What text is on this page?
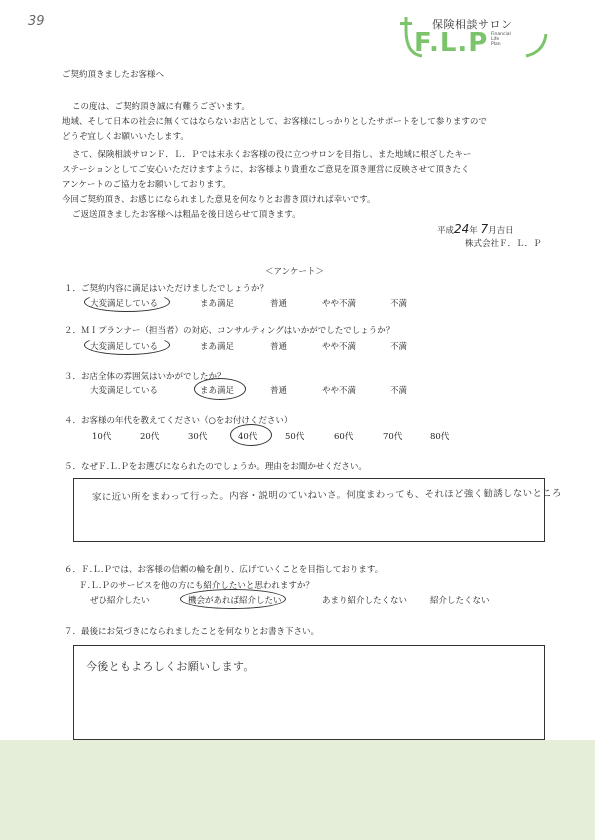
39	保険相談サロン
F.L.P Financial
Life
Plan
ご契約頂きましたお客様へ
この度は、ご契約頂き誠に有難うございます。
地域、そして日本の社会に無くてはならないお店として、お客様にしっかりとしたサポートをして参りますので
どうぞ宜しくお願いいたします。
さて、保険相談サロンＦ．Ｌ．Ｐでは末永くお客様の役に立つサロンを目指し、また地域に根ざしたキー
ステーションとしてご安心いただけますように、お客様より貴重なご意見を頂き運営に反映させて頂きたく
アンケートのご協力をお願いしております。
今回ご契約頂き、お感じになられました意見を何なりとお書き頂ければ幸いです。
ご返送頂きましたお客様へは粗品を後日送らせて頂きます。
平成24年 7月吉日
株式会社Ｆ．Ｌ．Ｐ
＜アンケート＞
１．ご契約内容に満足はいただけましたでしょうか？
大変満足している	まあ満足	普通	やや不満	不満
２．ＭＩプランナー（担当者）の対応、コンサルティングはいかがでしたでしょうか？
大変満足している	まあ満足	普通	やや不満	不満
３．お店全体の雰囲気はいかがでしたか？
大変満足している	まあ満足	普通	やや不満	不満
４．お客様の年代を教えてください（○をお付けください）
10代	20代	30代	40代	50代	60代	70代	80代
５．なぜＦ.Ｌ.Ｐをお選びになられたのでしょうか。理由をお聞かせください。
家に近い所をまわって行った。内容・説明のていねいさ。何度まわっても、それほど強く勧誘しないところ
６．Ｆ.Ｌ.Ｐでは、お客様の信頼の輪を創り、広げていくことを目指しております。
Ｆ.Ｌ.Ｐのサービスを他の方にも紹介したいと思われますか？
ぜひ紹介したい	機会があれば紹介したい	あまり紹介したくない	紹介したくない
７．最後にお気づきになられましたことを何なりとお書き下さい。
今後ともよろしくお願いします。
